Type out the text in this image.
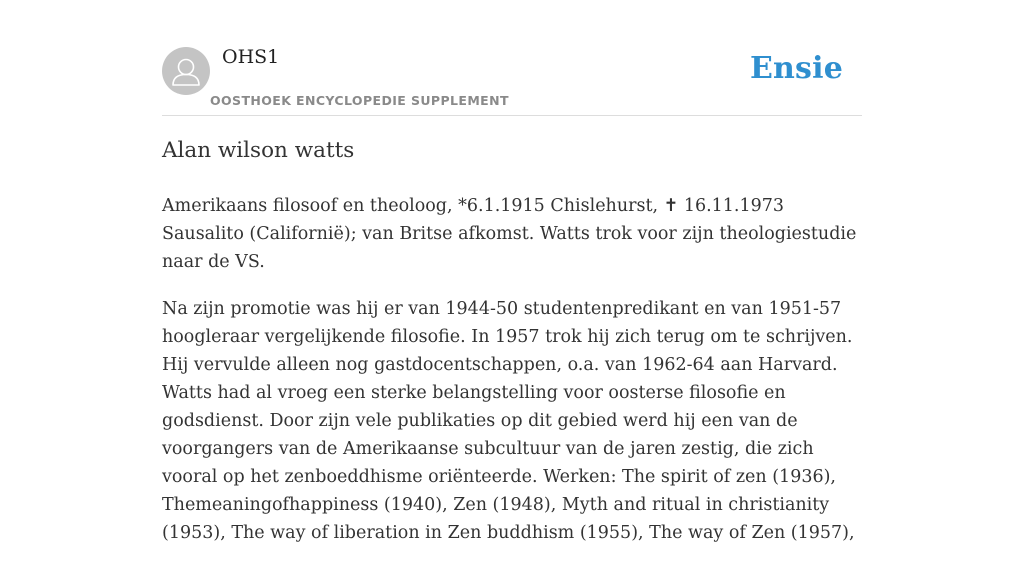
OHS1
OOSTHOEK ENCYCLOPEDIE SUPPLEMENT
Ensie
Alan wilson watts

Amerikaans filosoof en theoloog, *6.1.1915 Chislehurst, ✝ 16.11.1973 Sausalito (Californië); van Britse afkomst. Watts trok voor zijn theologiestudie naar de VS.

Na zijn promotie was hij er van 1944-50 studentenpredikant en van 1951-57 hoogleraar vergelijkende filosofie. In 1957 trok hij zich terug om te schrijven. Hij vervulde alleen nog gastdocentschappen, o.a. van 1962-64 aan Harvard. Watts had al vroeg een sterke belangstelling voor oosterse filosofie en godsdienst. Door zijn vele publikaties op dit gebied werd hij een van de voorgangers van de Amerikaanse subcultuur van de jaren zestig, die zich vooral op het zenboeddhisme oriënteerde. Werken: The spirit of zen (1936), Themeaningofhappiness (1940), Zen (1948), Myth and ritual in christianity (1953), The way of liberation in Zen buddhism (1955), The way of Zen (1957),
